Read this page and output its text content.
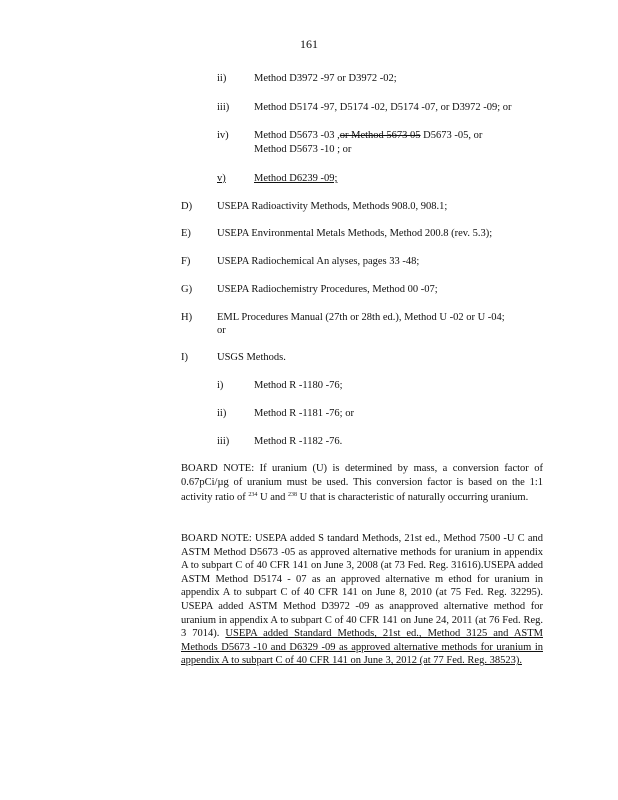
161
ii)	Method D3972 -97 or D3972 -02;
iii) Method D5174 -97, D5174 -02, D5174 -07, or D3972 -09; or
iv) Method D5673 -03 ,or Method 5673 05 D5673 -05, or
Method D5673 -10 ; or
v)	Method D6239 -09;
D) USEPA Radioactivity Methods, Methods 908.0, 908.1;
E) USEPA Environmental Metals Methods, Method 200.8 (rev. 5.3);
F)	USEPA Radiochemical An alyses, pages 33 -48;
G) USEPA Radiochemistry Procedures, Method 00 -07;
H) EML Procedures Manual (27th or 28th ed.), Method U -02 or U -04;
or
I)	USGS Methods.
i)	Method R -1180 -76;
ii)	Method R -1181 -76; or
iii) Method R -1182 -76.
BOARD NOTE: If uranium (U) is determined by mass, a conversion factor of 0.67pCi/µg of uranium must be used. This conversion factor is based on the 1:1 activity ratio of $^{234}$ U and $^{238}$ U that is characteristic of naturally occurring uranium.
BOARD NOTE: USEPA added S tandard Methods, 21st ed., Method 7500 -U C and ASTM Method D5673 -05 as approved alternative methods for uranium in appendix A to subpart C of 40 CFR 141 on June 3, 2008 (at 73 Fed. Reg. 31616).USEPA added ASTM Method D5174 - 07 as an approved alternative m ethod for uranium in appendix A to subpart C of 40 CFR 141 on June 8, 2010 (at 75 Fed. Reg. 32295). USEPA added ASTM Method D3972 -09 as anapproved alternative method for uranium in appendix A to subpart C of 40 CFR 141 on June 24, 2011 (at 76 Fed. Reg. 3 7014). USEPA added Standard Methods, 21st ed., Method 3125 and ASTM Methods D5673 -10 and D6329 -09 as approved alternative methods for uranium in appendix A to subpart C of 40 CFR 141 on June 3, 2012 (at 77 Fed. Reg. 38523).
